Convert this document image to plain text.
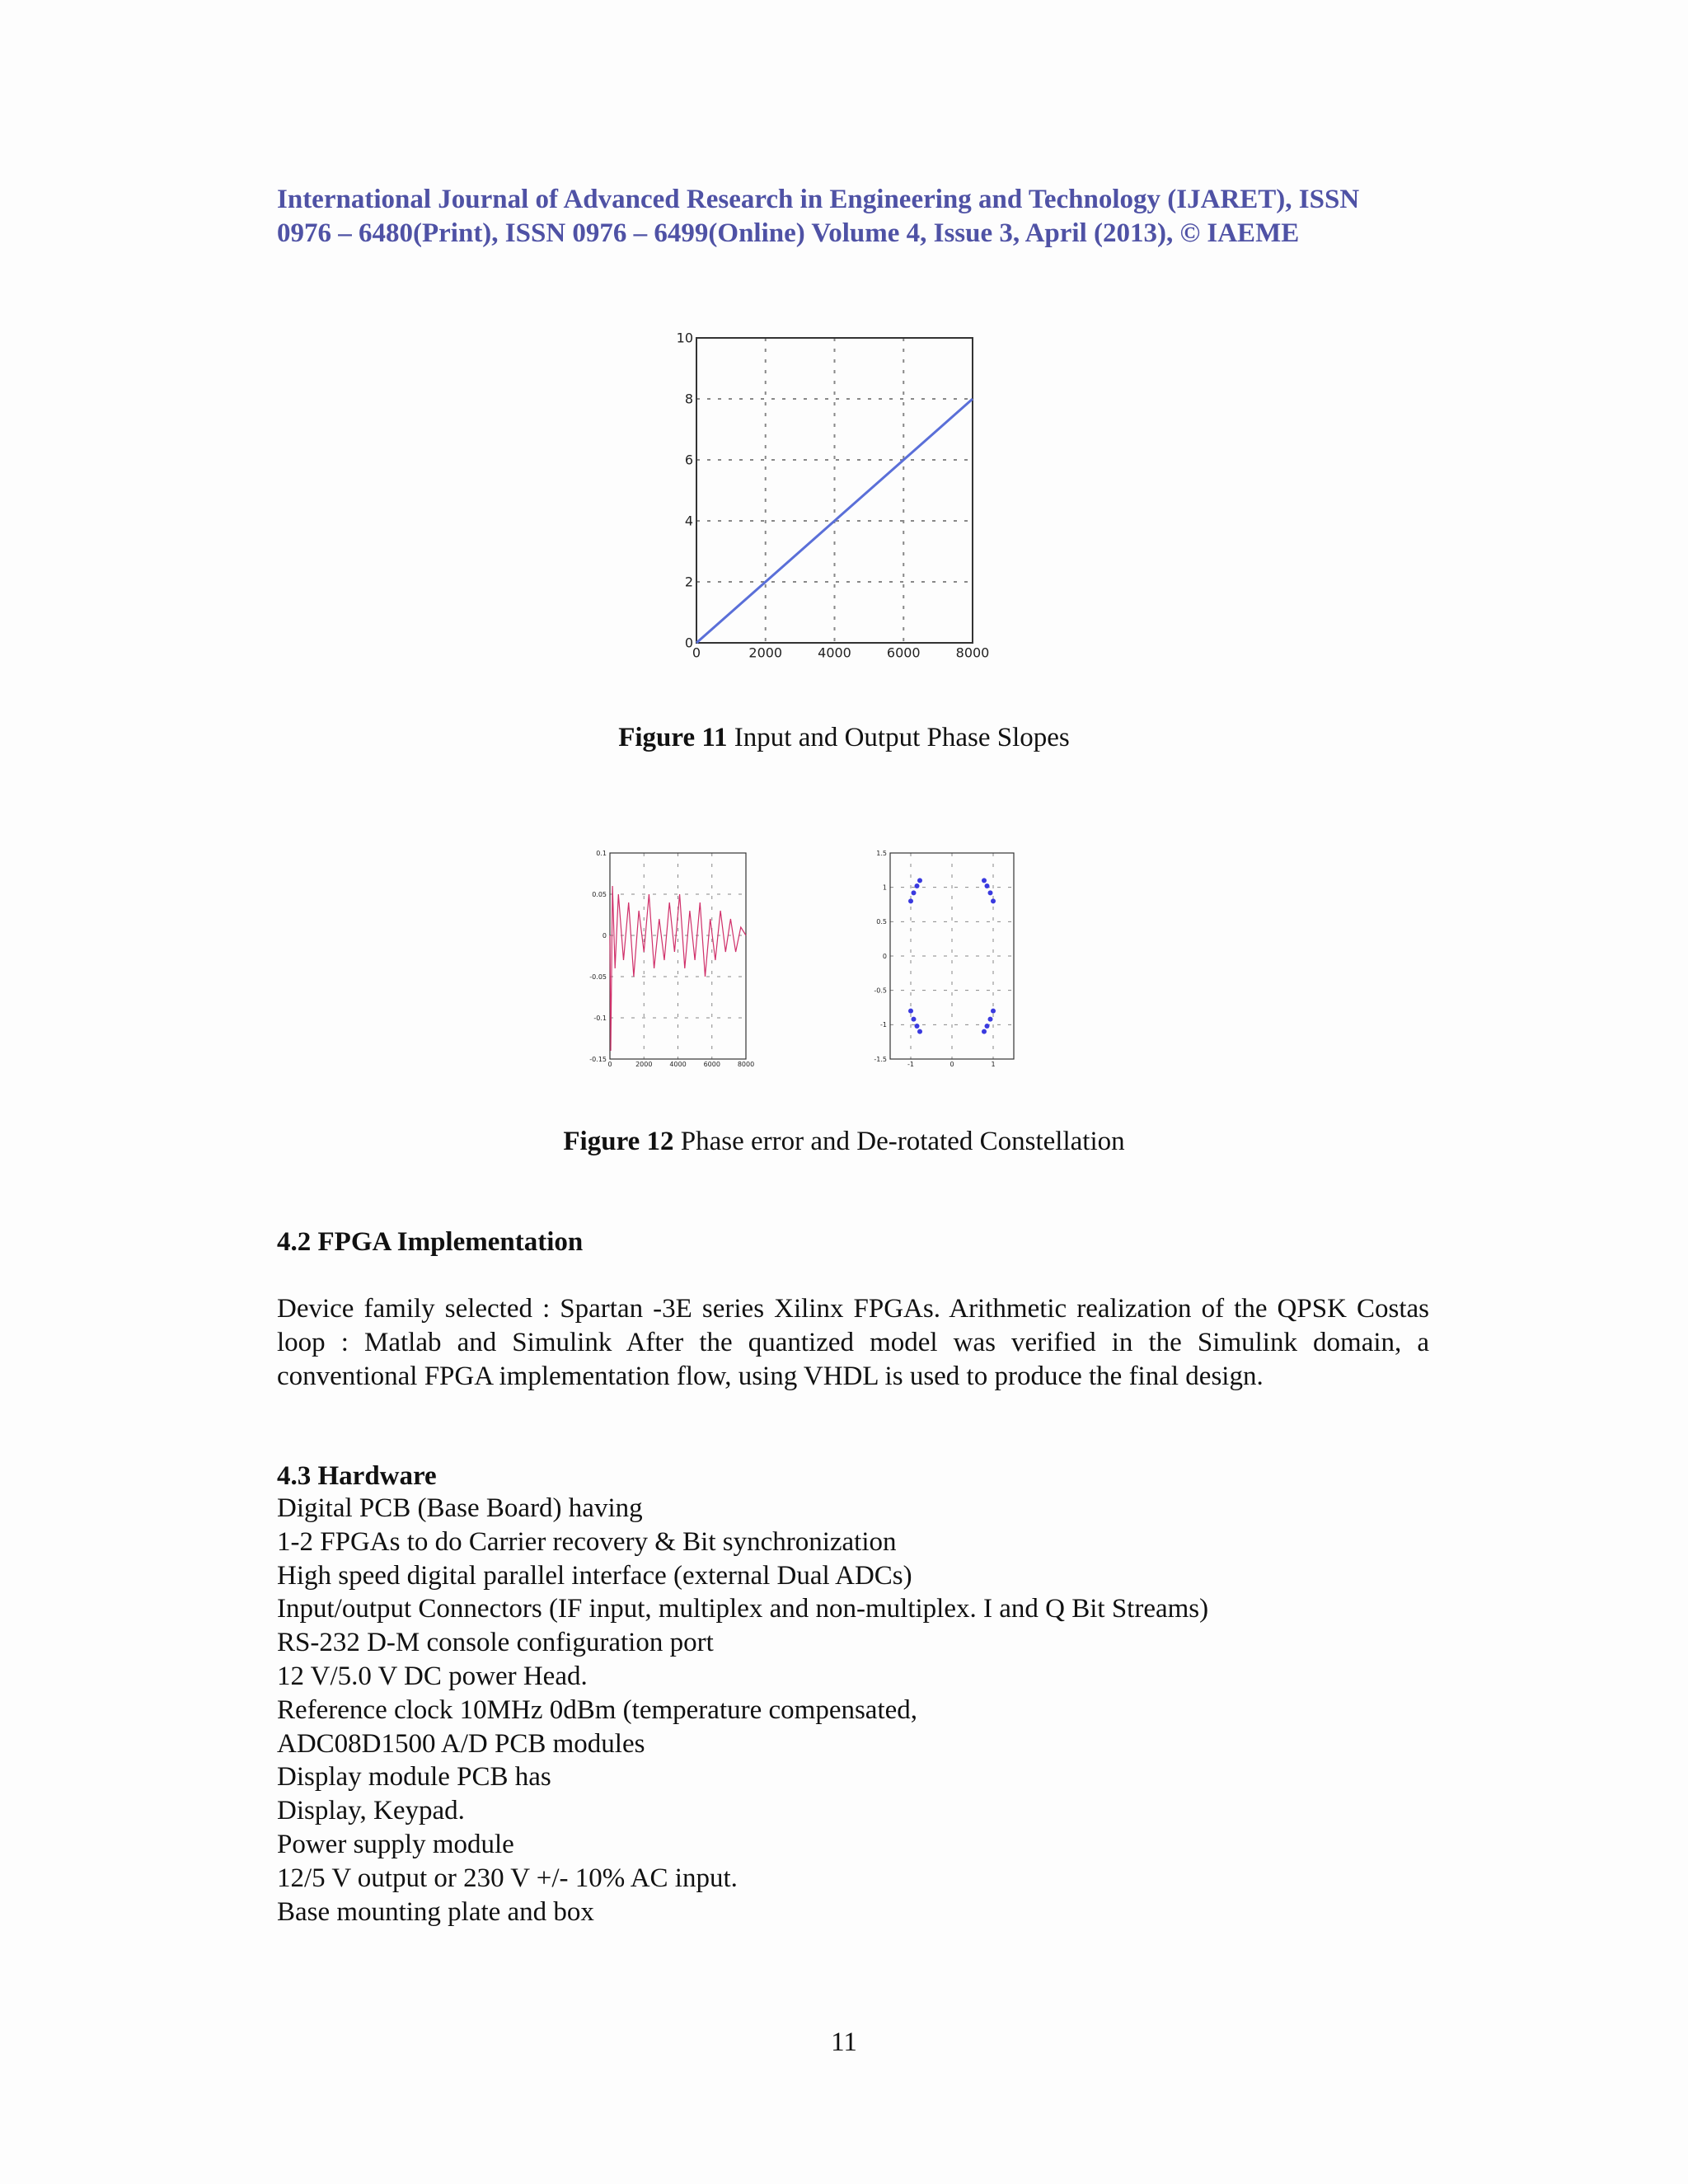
International Journal of Advanced Research in Engineering and Technology (IJARET), ISSN
0976 – 6480(Print), ISSN 0976 – 6499(Online) Volume 4, Issue 3, April (2013), © IAEME
0
2
4
6
8
10
0	2000	4000	6000	8000
Figure 11 Input and Output Phase Slopes
0.1
0.05
0
-0.05
-0.1
-0.15
0	2000	4000	6000	8000
1.5
1
0.5
0
-0.5
-1
-1.5
-1	0	1
Figure 12 Phase error and De-rotated Constellation
4.2 FPGA Implementation
Device family selected : Spartan -3E series Xilinx FPGAs. Arithmetic realization of the QPSK Costas loop : Matlab and Simulink After the quantized model was verified in the Simulink domain, a conventional FPGA implementation flow, using VHDL is used to produce the final design.
4.3 Hardware
Digital PCB (Base Board) having
1-2 FPGAs to do Carrier recovery & Bit synchronization
High speed digital parallel interface (external Dual ADCs)
Input/output Connectors (IF input, multiplex and non-multiplex. I and Q Bit Streams)
RS-232 D-M console configuration port
12 V/5.0 V DC power Head.
Reference clock 10MHz 0dBm (temperature compensated,
ADC08D1500 A/D PCB modules
Display module PCB has
Display, Keypad.
Power supply module
12/5 V output or 230 V +/- 10% AC input.
Base mounting plate and box
11
